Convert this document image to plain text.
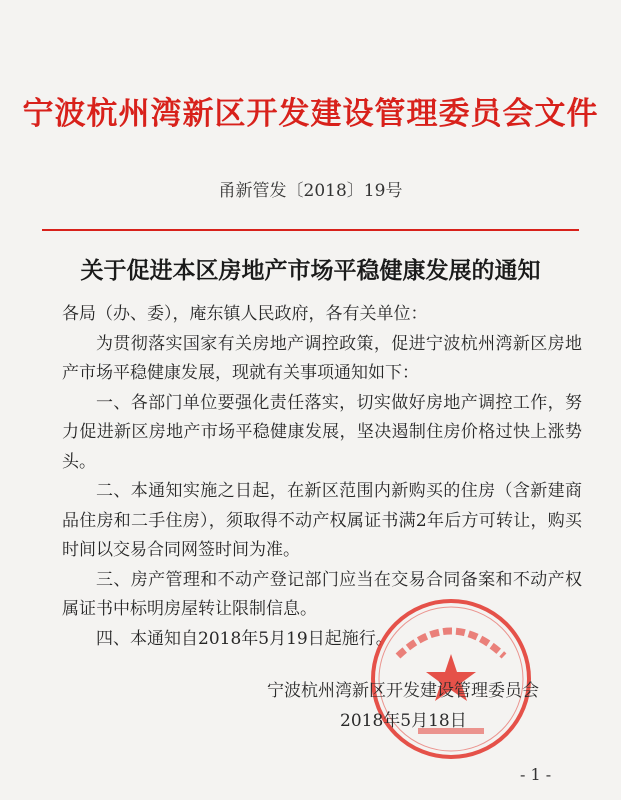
宁波杭州湾新区开发建设管理委员会文件
甬新管发〔2018〕19号
关于促进本区房地产市场平稳健康发展的通知

各局（办、委），庵东镇人民政府，各有关单位：

为贯彻落实国家有关房地产调控政策，促进宁波杭州湾新区房地产市场平稳健康发展，现就有关事项通知如下：

一、各部门单位要强化责任落实，切实做好房地产调控工作，努力促进新区房地产市场平稳健康发展，坚决遏制住房价格过快上涨势头。

二、本通知实施之日起，在新区范围内新购买的住房（含新建商品住房和二手住房），须取得不动产权属证书满2年后方可转让，购买时间以交易合同网签时间为准。

三、房产管理和不动产登记部门应当在交易合同备案和不动产权属证书中标明房屋转让限制信息。

四、本通知自2018年5月19日起施行。

宁波杭州湾新区开发建设管理委员会
2018年5月18日
- 1 -
